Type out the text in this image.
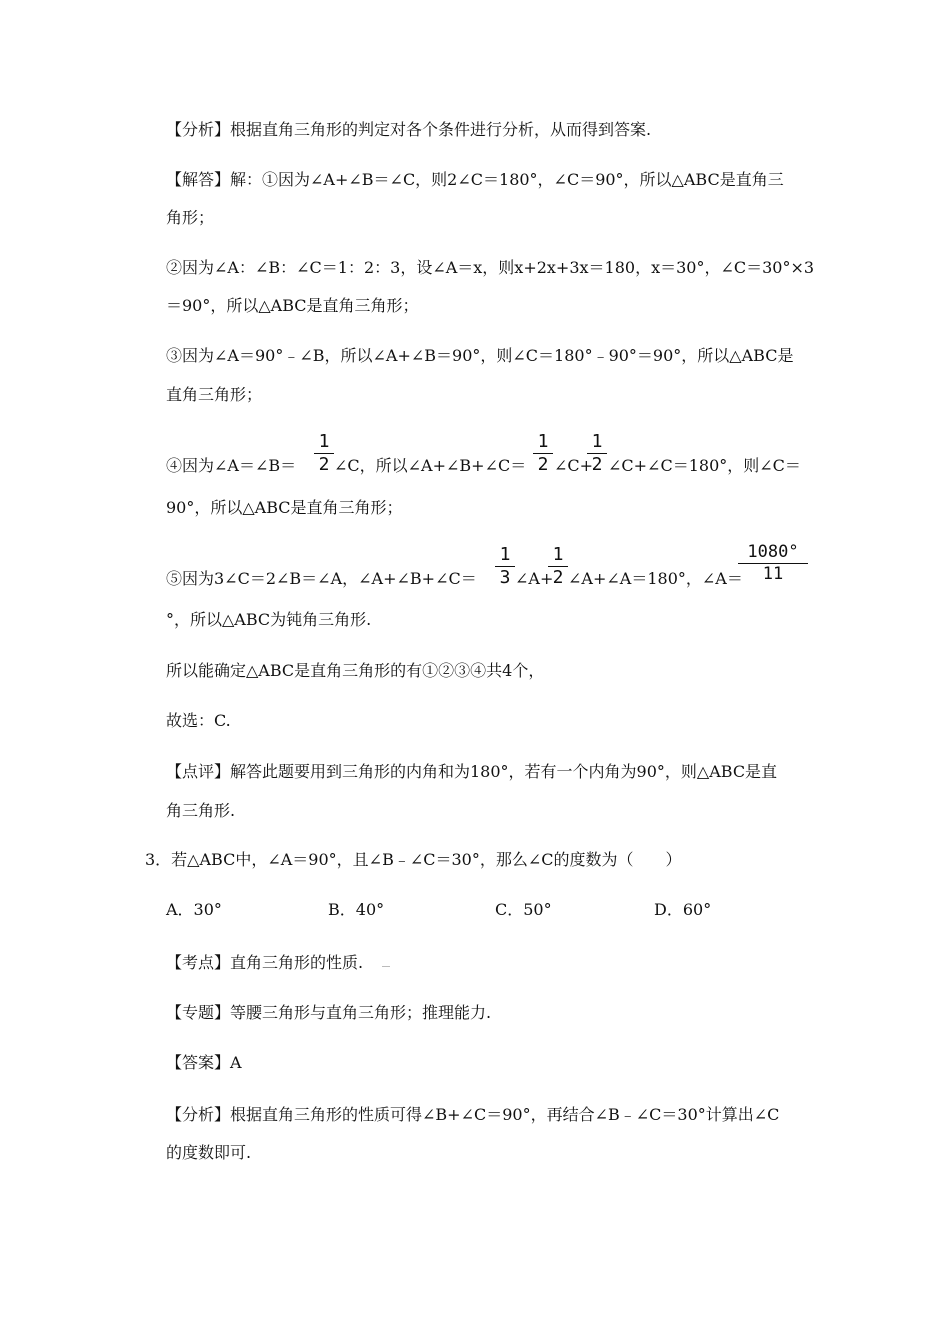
【分析】根据直角三角形的判定对各个条件进行分析，从而得到答案.
【解答】解：①因为∠A+∠B＝∠C，则2∠C＝180°，∠C＝90°，所以△ABC是直角三
角形；
②因为∠A：∠B：∠C＝1：2：3，设∠A＝x，则x+2x+3x＝180，x＝30°，∠C＝30°×3
＝90°，所以△ABC是直角三角形；
③因为∠A＝90°﹣∠B，所以∠A+∠B＝90°，则∠C＝180°﹣90°＝90°，所以△ABC是
直角三角形；
④因为∠A＝∠B＝
1
2 ∠C，所以∠A+∠B+∠C＝
1
2 ∠C+
1
2 ∠C+∠C＝180°，则∠C＝
90°，所以△ABC是直角三角形；
⑤因为3∠C＝2∠B＝∠A，∠A+∠B+∠C＝
1
3 ∠A+
1
2 ∠A+∠A＝180°，∠A＝
1080°
11
°，所以△ABC为钝角三角形.
所以能确定△ABC是直角三角形的有①②③④共4个，
故选：C.
【点评】解答此题要用到三角形的内角和为180°，若有一个内角为90°，则△ABC是直
角三角形.
3．若△ABC中，∠A＝90°，且∠B﹣∠C＝30°，那么∠C的度数为（　　）
A．30°	B．40°	C．50°	D．60°
【考点】直角三角形的性质.
【专题】等腰三角形与直角三角形；推理能力.
【答案】A
【分析】根据直角三角形的性质可得∠B+∠C＝90°，再结合∠B﹣∠C＝30°计算出∠C
的度数即可.
